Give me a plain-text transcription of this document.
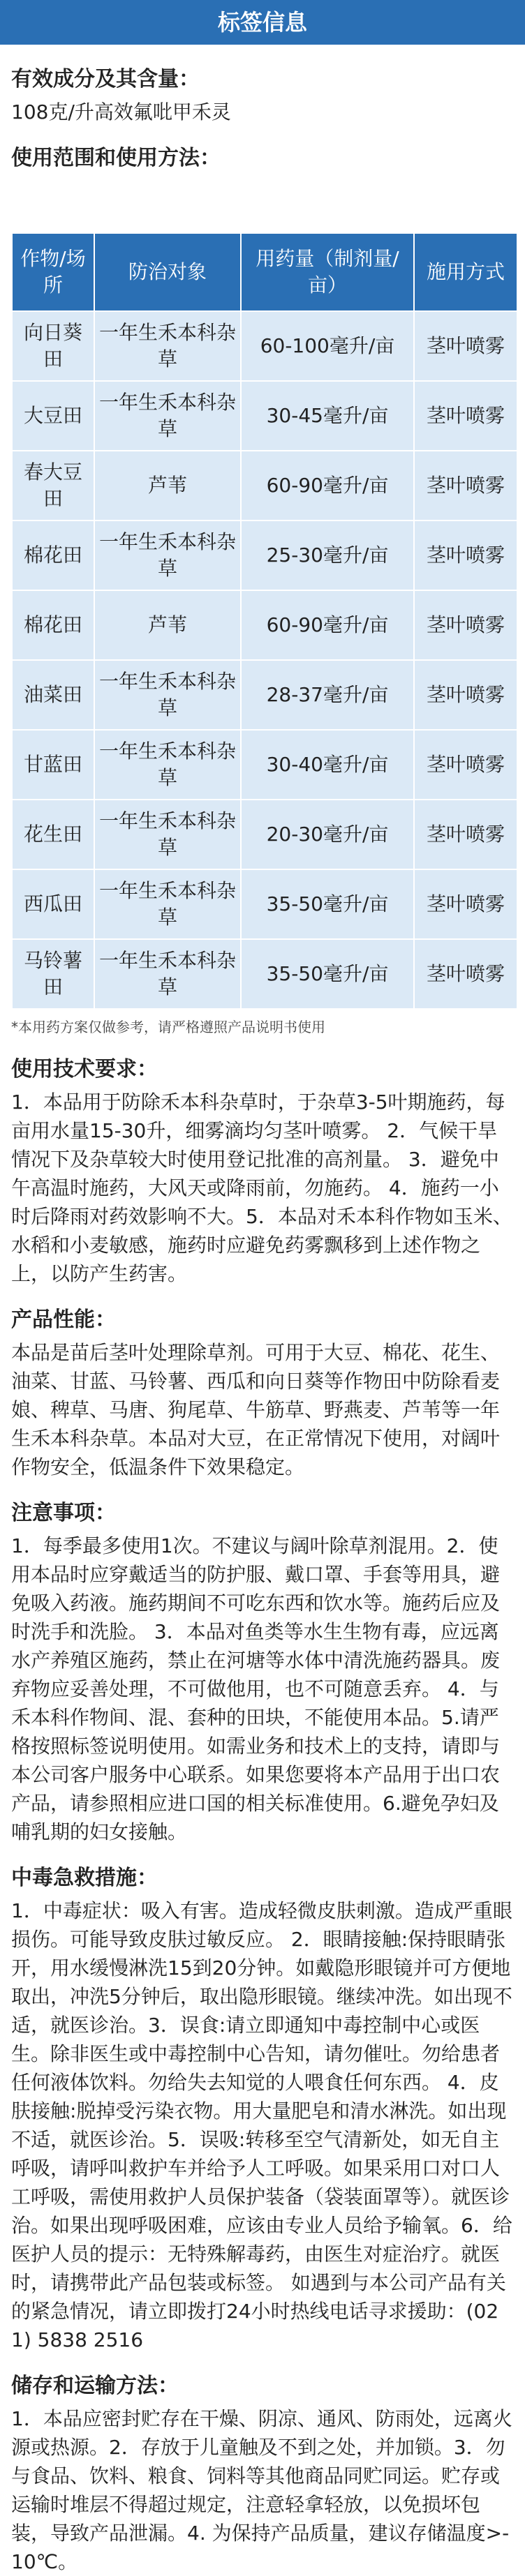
标签信息
有效成分及其含量：

108克/升高效氟吡甲禾灵

使用范围和使用方法：
作物/场所	防治对象	用药量（制剂量/亩）	施用方式
向日葵田	一年生禾本科杂草	60-100毫升/亩	茎叶喷雾
大豆田	一年生禾本科杂草	30-45毫升/亩	茎叶喷雾
春大豆田	芦苇	60-90毫升/亩	茎叶喷雾
棉花田	一年生禾本科杂草	25-30毫升/亩	茎叶喷雾
棉花田	芦苇	60-90毫升/亩	茎叶喷雾
油菜田	一年生禾本科杂草	28-37毫升/亩	茎叶喷雾
甘蓝田	一年生禾本科杂草	30-40毫升/亩	茎叶喷雾
花生田	一年生禾本科杂草	20-30毫升/亩	茎叶喷雾
西瓜田	一年生禾本科杂草	35-50毫升/亩	茎叶喷雾
马铃薯田	一年生禾本科杂草	35-50毫升/亩	茎叶喷雾

*本用药方案仅做参考，请严格遵照产品说明书使用

使用技术要求：

1．本品用于防除禾本科杂草时，于杂草3-5叶期施药，每亩用水量15-30升，细雾滴均匀茎叶喷雾。 2．气候干旱情况下及杂草较大时使用登记批准的高剂量。 3．避免中午高温时施药，大风天或降雨前，勿施药。 4．施药一小时后降雨对药效影响不大。5．本品对禾本科作物如玉米、水稻和小麦敏感，施药时应避免药雾飘移到上述作物之上，以防产生药害。

产品性能：

本品是苗后茎叶处理除草剂。可用于大豆、棉花、花生、油菜、甘蓝、马铃薯、西瓜和向日葵等作物田中防除看麦娘、稗草、马唐、狗尾草、牛筋草、野燕麦、芦苇等一年生禾本科杂草。本品对大豆，在正常情况下使用，对阔叶作物安全，低温条件下效果稳定。

注意事项：

1．每季最多使用1次。不建议与阔叶除草剂混用。2．使用本品时应穿戴适当的防护服、戴口罩、手套等用具，避免吸入药液。施药期间不可吃东西和饮水等。施药后应及时洗手和洗脸。 3．本品对鱼类等水生生物有毒，应远离水产养殖区施药，禁止在河塘等水体中清洗施药器具。废弃物应妥善处理，不可做他用，也不可随意丢弃。 4．与禾本科作物间、混、套种的田块，不能使用本品。5.请严格按照标签说明使用。如需业务和技术上的支持，请即与本公司客户服务中心联系。如果您要将本产品用于出口农产品，请参照相应进口国的相关标准使用。6.避免孕妇及哺乳期的妇女接触。

中毒急救措施：

1．中毒症状：吸入有害。造成轻微皮肤刺激。造成严重眼损伤。可能导致皮肤过敏反应。 2．眼睛接触:保持眼睛张开，用水缓慢淋洗15到20分钟。如戴隐形眼镜并可方便地取出，冲洗5分钟后，取出隐形眼镜。继续冲洗。如出现不适，就医诊治。3．误食:请立即通知中毒控制中心或医生。除非医生或中毒控制中心告知，请勿催吐。勿给患者任何液体饮料。勿给失去知觉的人喂食任何东西。 4．皮肤接触:脱掉受污染衣物。用大量肥皂和清水淋洗。如出现不适，就医诊治。5．误吸:转移至空气清新处，如无自主呼吸，请呼叫救护车并给予人工呼吸。如果采用口对口人工呼吸，需使用救护人员保护装备（袋装面罩等）。就医诊治。如果出现呼吸困难，应该由专业人员给予输氧。6．给医护人员的提示：无特殊解毒药，由医生对症治疗。就医时，请携带此产品包装或标签。 如遇到与本公司产品有关的紧急情况，请立即拨打24小时热线电话寻求援助：(021) 5838 2516

储存和运输方法：

1．本品应密封贮存在干燥、阴凉、通风、防雨处，远离火源或热源。2．存放于儿童触及不到之处，并加锁。3．勿与食品、饮料、粮食、饲料等其他商品同贮同运。贮存或运输时堆层不得超过规定，注意轻拿轻放，以免损坏包装，导致产品泄漏。4. 为保持产品质量，建议存储温度>-10℃。
